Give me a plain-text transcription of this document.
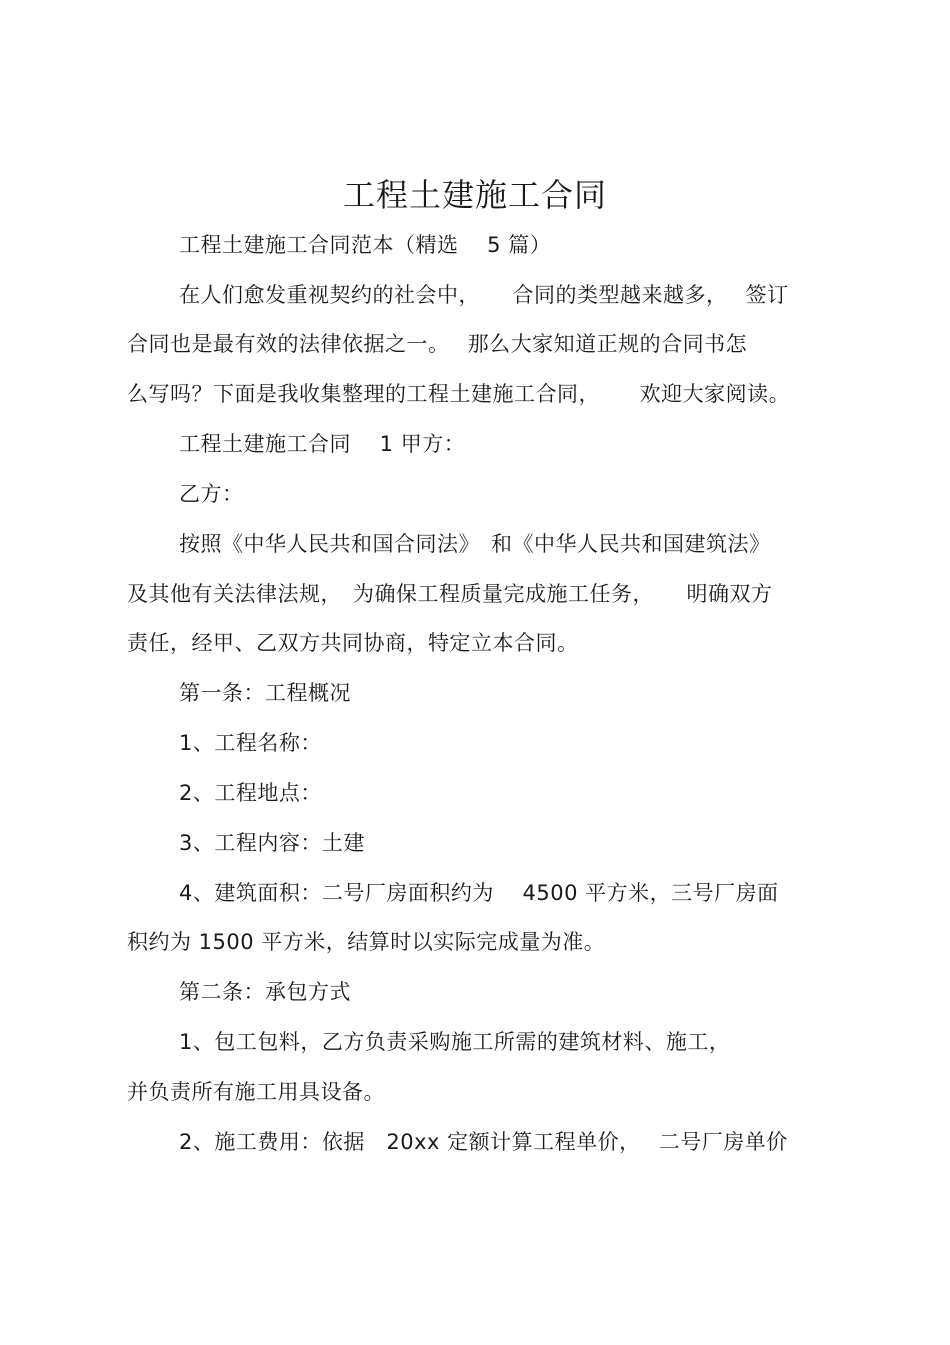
工程土建施工合同
工程土建施工合同范本（精选　 5 篇）
在人们愈发重视契约的社会中，　　合同的类型越来越多，　 签订
合同也是最有效的法律依据之一。　 那么大家知道正规的合同书怎
么写吗？下面是我收集整理的工程土建施工合同，　　 欢迎大家阅读。
工程土建施工合同　 1 甲方：
乙方：
按照《中华人民共和国合同法》　和《中华人民共和国建筑法》
及其他有关法律法规，　为确保工程质量完成施工任务，　　明确双方
责任，经甲、乙双方共同协商，特定立本合同。
第一条：工程概况
1、工程名称：
2、工程地点：
3、工程内容：土建
4、建筑面积：二号厂房面积约为　 4500 平方米，三号厂房面
积约为 1500 平方米，结算时以实际完成量为准。
第二条：承包方式
1、包工包料，乙方负责采购施工所需的建筑材料、施工，
并负责所有施工用具设备。
2、施工费用：依据　20xx 定额计算工程单价，　 二号厂房单价
